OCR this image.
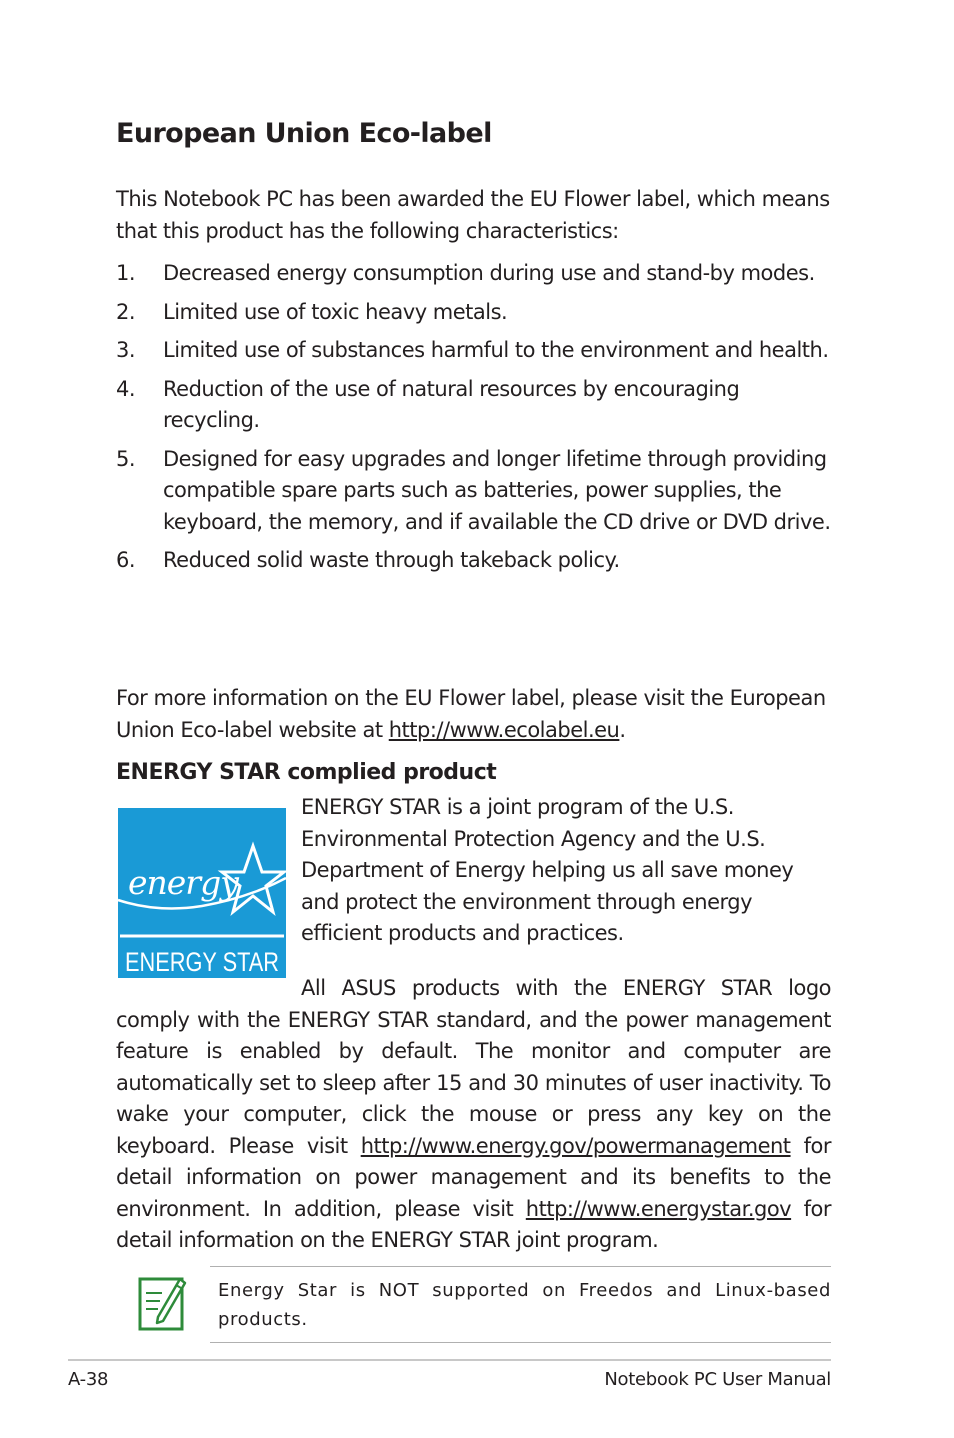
European Union Eco-label

This Notebook PC has been awarded the EU Flower label, which means that this product has the following characteristics:

1. Decreased energy consumption during use and stand-by modes.
2. Limited use of toxic heavy metals.
3. Limited use of substances harmful to the environment and health.
4. Reduction of the use of natural resources by encouraging recycling.
5. Designed for easy upgrades and longer lifetime through providing compatible spare parts such as batteries, power supplies, the keyboard, the memory, and if available the CD drive or DVD drive.
6. Reduced solid waste through takeback policy.

For more information on the EU Flower label, please visit the European Union Eco-label website at http://www.ecolabel.eu.

ENERGY STAR complied product
energy
ENERGY STAR

ENERGY STAR is a joint program of the U.S. Environmental Protection Agency and the U.S. Department of Energy helping us all save money and protect the environment through energy efficient products and practices.

All ASUS products with the ENERGY STAR logo comply with the ENERGY STAR standard, and the power management feature is enabled by default. The monitor and computer are automatically set to sleep after 15 and 30 minutes of user inactivity. To wake your computer, click the mouse or press any key on the keyboard. Please visit http://www.energy.gov/powermanagement for detail information on power management and its benefits to the environment. In addition, please visit http://www.energystar.gov for detail information on the ENERGY STAR joint program.

Energy Star is NOT supported on Freedos and Linux-based products.

A-38	Notebook PC User Manual
